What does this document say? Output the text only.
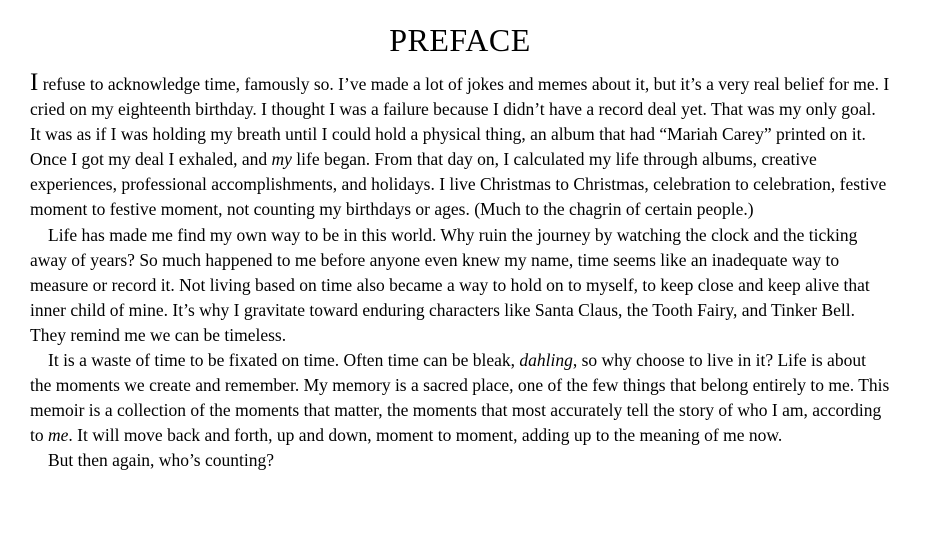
PREFACE

I refuse to acknowledge time, famously so. I’ve made a lot of jokes and memes about it, but it’s a very real belief for me. I cried on my eighteenth birthday. I thought I was a failure because I didn’t have a record deal yet. That was my only goal. It was as if I was holding my breath until I could hold a physical thing, an album that had “Mariah Carey” printed on it. Once I got my deal I exhaled, and my life began. From that day on, I calculated my life through albums, creative experiences, professional accomplishments, and holidays. I live Christmas to Christmas, celebration to celebration, festive moment to festive moment, not counting my birthdays or ages. (Much to the chagrin of certain people.)

Life has made me find my own way to be in this world. Why ruin the journey by watching the clock and the ticking away of years? So much happened to me before anyone even knew my name, time seems like an inadequate way to measure or record it. Not living based on time also became a way to hold on to myself, to keep close and keep alive that inner child of mine. It’s why I gravitate toward enduring characters like Santa Claus, the Tooth Fairy, and Tinker Bell. They remind me we can be timeless.

It is a waste of time to be fixated on time. Often time can be bleak, dahling, so why choose to live in it? Life is about the moments we create and remember. My memory is a sacred place, one of the few things that belong entirely to me. This memoir is a collection of the moments that matter, the moments that most accurately tell the story of who I am, according to me. It will move back and forth, up and down, moment to moment, adding up to the meaning of me now.

But then again, who’s counting?
